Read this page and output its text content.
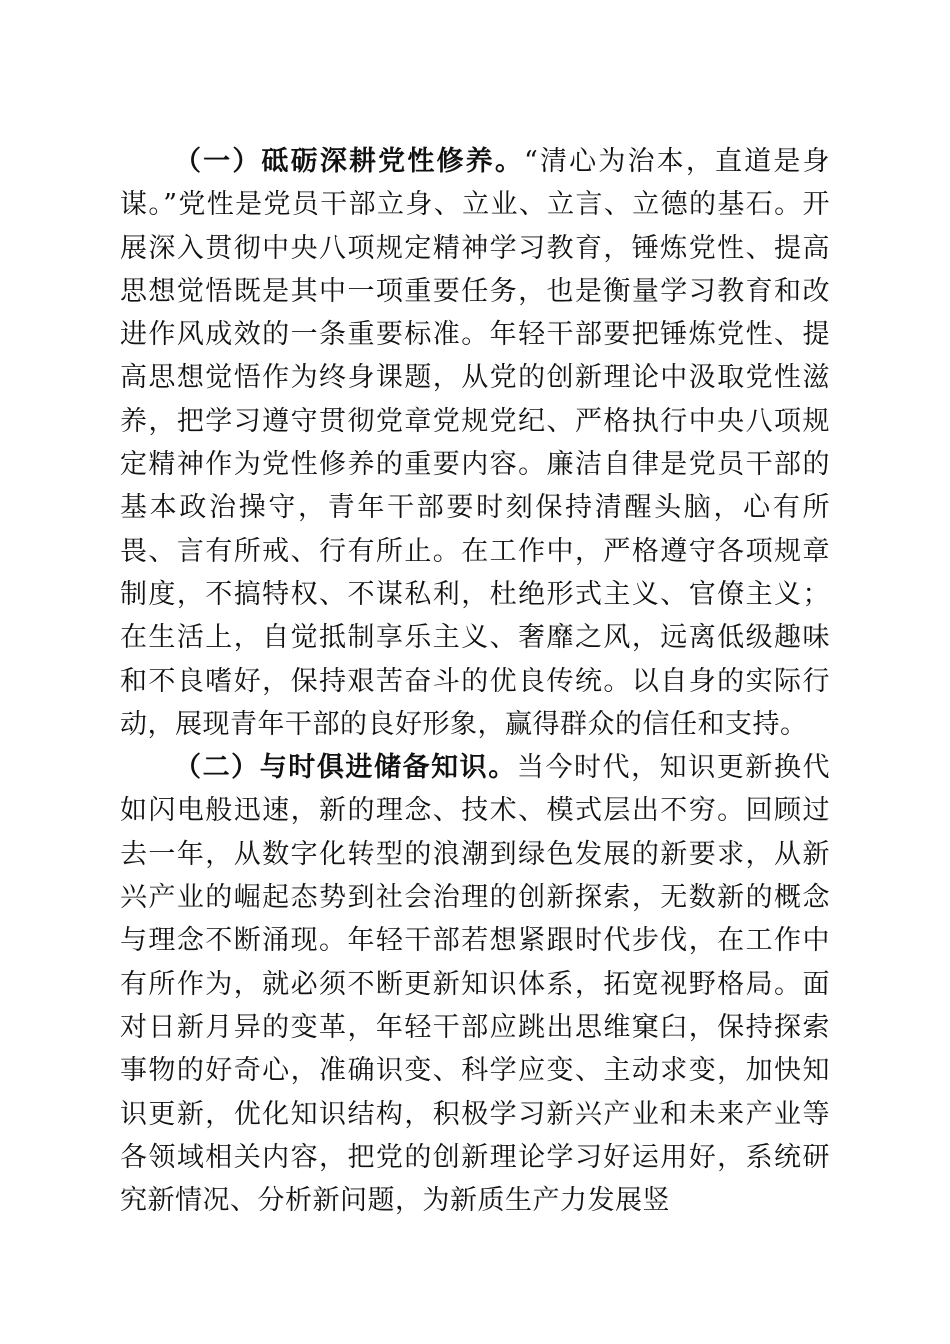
（一）砥砺深耕党性修养。“清心为治本，直道是身谋。”党性是党员干部立身、立业、立言、立德的基石。开展深入贯彻中央八项规定精神学习教育，锤炼党性、提高思想觉悟既是其中一项重要任务，也是衡量学习教育和改进作风成效的一条重要标准。年轻干部要把锤炼党性、提高思想觉悟作为终身课题，从党的创新理论中汲取党性滋养，把学习遵守贯彻党章党规党纪、严格执行中央八项规定精神作为党性修养的重要内容。廉洁自律是党员干部的基本政治操守，青年干部要时刻保持清醒头脑，心有所畏、言有所戒、行有所止。在工作中，严格遵守各项规章制度，不搞特权、不谋私利，杜绝形式主义、官僚主义；在生活上，自觉抵制享乐主义、奢靡之风，远离低级趣味和不良嗜好，保持艰苦奋斗的优良传统。以自身的实际行动，展现青年干部的良好形象，赢得群众的信任和支持。

（二）与时俱进储备知识。当今时代，知识更新换代如闪电般迅速，新的理念、技术、模式层出不穷。回顾过去一年，从数字化转型的浪潮到绿色发展的新要求，从新兴产业的崛起态势到社会治理的创新探索，无数新的概念与理念不断涌现。年轻干部若想紧跟时代步伐，在工作中有所作为，就必须不断更新知识体系，拓宽视野格局。面对日新月异的变革，年轻干部应跳出思维窠臼，保持探索事物的好奇心，准确识变、科学应变、主动求变，加快知识更新，优化知识结构，积极学习新兴产业和未来产业等各领域相关内容，把党的创新理论学习好运用好，系统研究新情况、分析新问题，为新质生产力发展竖
